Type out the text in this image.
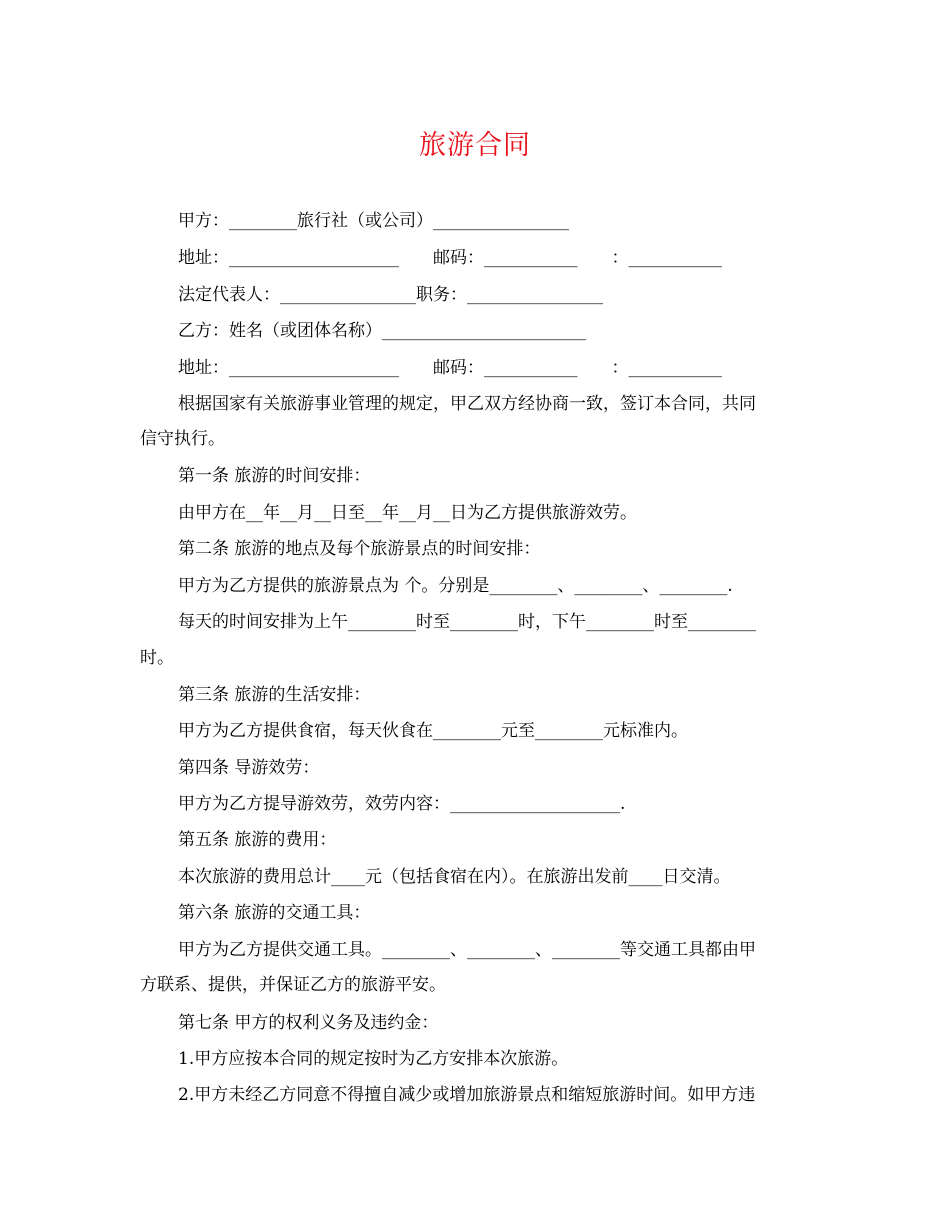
旅游合同
甲方：________旅行社（或公司）________________
地址：____________________　　邮码：___________　　：___________
法定代表人：________________职务：________________
乙方：姓名（或团体名称）________________________
地址：____________________　　邮码：___________　　：___________
根据国家有关旅游事业管理的规定，甲乙双方经协商一致，签订本合同，共同
信守执行。
第一条 旅游的时间安排：
由甲方在__年__月__日至__年__月__日为乙方提供旅游效劳。
第二条 旅游的地点及每个旅游景点的时间安排：
甲方为乙方提供的旅游景点为 个。分别是________、________、________.
每天的时间安排为上午________时至________时，下午________时至________
时。
第三条 旅游的生活安排：
甲方为乙方提供食宿，每天伙食在________元至________元标准内。
第四条 导游效劳：
甲方为乙方提导游效劳，效劳内容：____________________.
第五条 旅游的费用：
本次旅游的费用总计____元（包括食宿在内）。在旅游出发前____日交清。
第六条 旅游的交通工具：
甲方为乙方提供交通工具。________、________、________等交通工具都由甲
方联系、提供，并保证乙方的旅游平安。
第七条 甲方的权利义务及违约金：
1.甲方应按本合同的规定按时为乙方安排本次旅游。
2.甲方未经乙方同意不得擅自减少或增加旅游景点和缩短旅游时间。如甲方违
